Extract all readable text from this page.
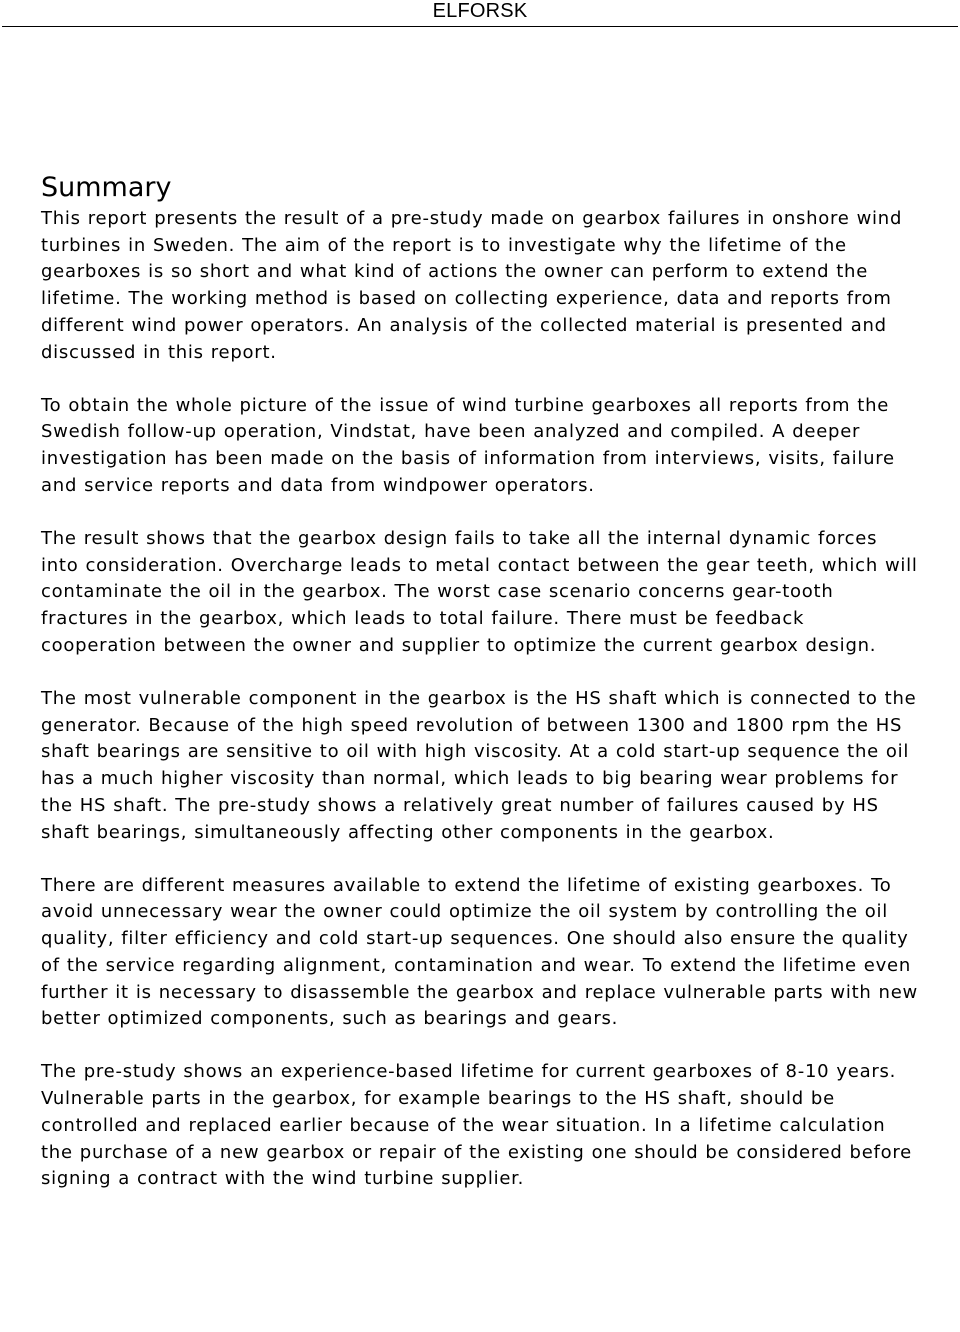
ELFORSK
Summary

This report presents the result of a pre-study made on gearbox failures in onshore wind turbines in Sweden. The aim of the report is to investigate why the lifetime of the gearboxes is so short and what kind of actions the owner can perform to extend the lifetime. The working method is based on collecting experience, data and reports from different wind power operators. An analysis of the collected material is presented and discussed in this report.

To obtain the whole picture of the issue of wind turbine gearboxes all reports from the Swedish follow-up operation, Vindstat, have been analyzed and compiled. A deeper investigation has been made on the basis of information from interviews, visits, failure and service reports and data from windpower operators.

The result shows that the gearbox design fails to take all the internal dynamic forces into consideration. Overcharge leads to metal contact between the gear teeth, which will contaminate the oil in the gearbox. The worst case scenario concerns gear-tooth fractures in the gearbox, which leads to total failure. There must be feedback cooperation between the owner and supplier to optimize the current gearbox design.

The most vulnerable component in the gearbox is the HS shaft which is connected to the generator. Because of the high speed revolution of between 1300 and 1800 rpm the HS shaft bearings are sensitive to oil with high viscosity. At a cold start-up sequence the oil has a much higher viscosity than normal, which leads to big bearing wear problems for the HS shaft. The pre-study shows a relatively great number of failures caused by HS shaft bearings, simultaneously affecting other components in the gearbox.

There are different measures available to extend the lifetime of existing gearboxes. To avoid unnecessary wear the owner could optimize the oil system by controlling the oil quality, filter efficiency and cold start-up sequences. One should also ensure the quality of the service regarding alignment, contamination and wear. To extend the lifetime even further it is necessary to disassemble the gearbox and replace vulnerable parts with new better optimized components, such as bearings and gears.

The pre-study shows an experience-based lifetime for current gearboxes of 8-10 years. Vulnerable parts in the gearbox, for example bearings to the HS shaft, should be controlled and replaced earlier because of the wear situation. In a lifetime calculation the purchase of a new gearbox or repair of the existing one should be considered before signing a contract with the wind turbine supplier.
